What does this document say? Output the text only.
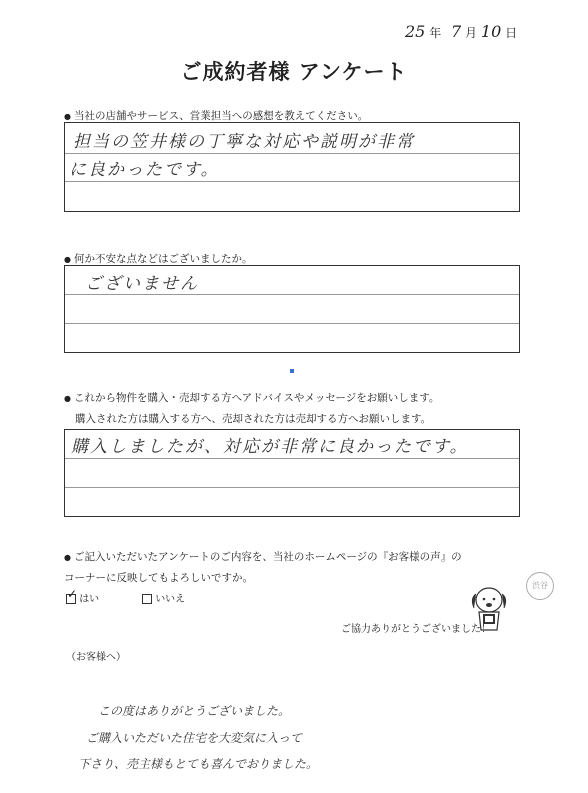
25 年 7 月 10 日
ご成約者様 アンケート
● 当社の店舗やサービス、営業担当への感想を教えてください。
担当の笠井様の丁寧な対応や説明が非常
に良かったです。
● 何か不安な点などはございましたか。
ございません
● これから物件を購入・売却する方へアドバイスやメッセージをお願いします。
購入された方は購入する方へ、売却された方は売却する方へお願いします。
購入しましたが、対応が非常に良かったです。
● ご記入いただいたアンケートのご内容を、当社のホームページの『お客様の声』の
コーナーに反映してもよろしいですか。
✓ はい	いいえ
渋谷
ご協力ありがとうございました！
（お客様へ）
この度はありがとうございました。
ご購入いただいた住宅を大変気に入って
下さり、売主様もとても喜んでおりました。
